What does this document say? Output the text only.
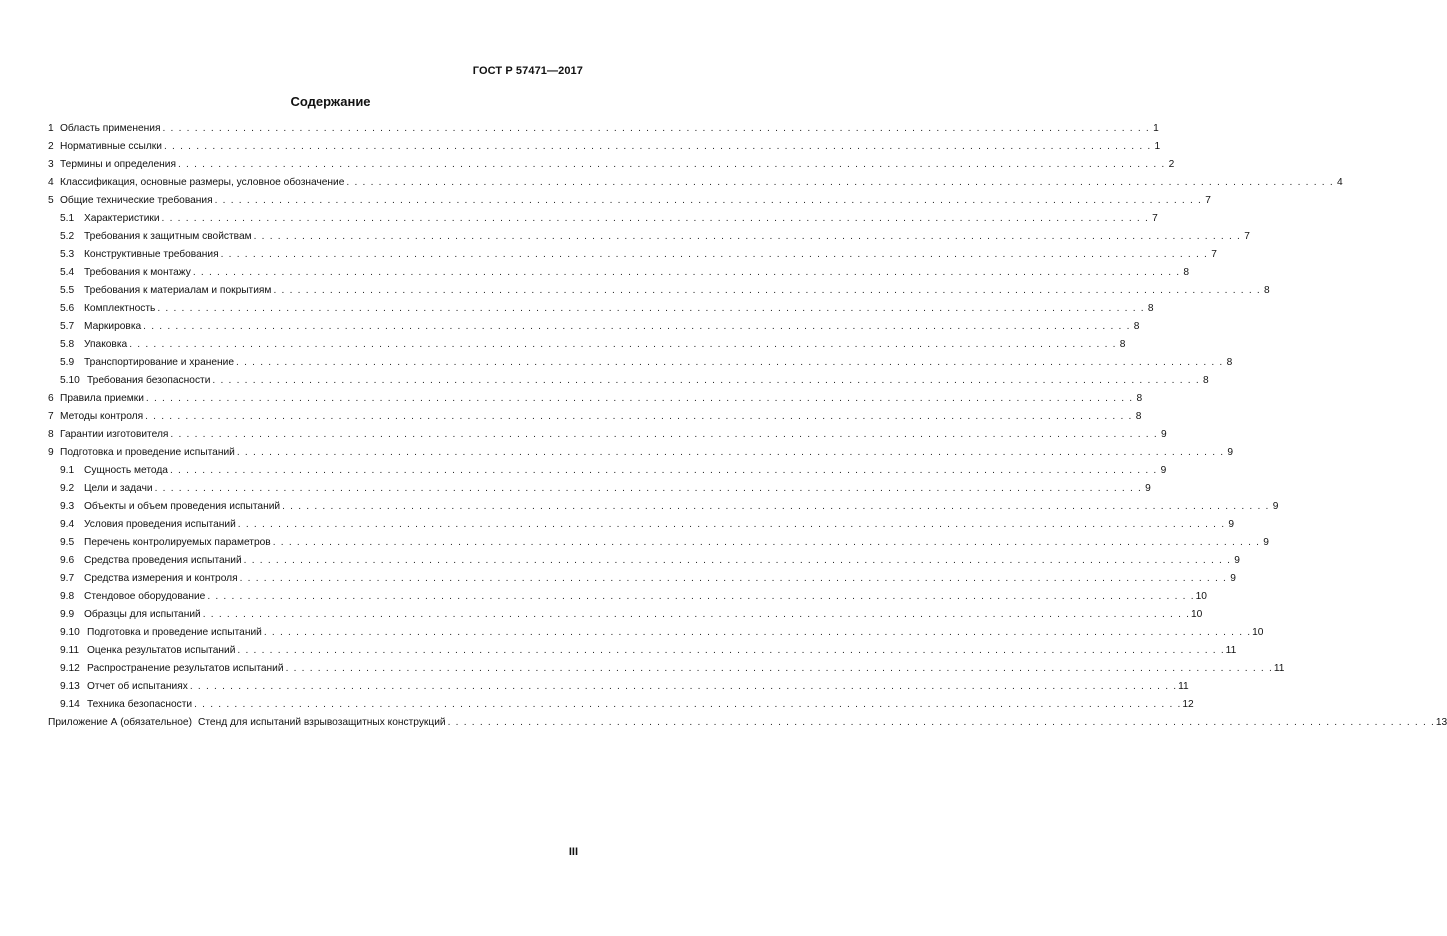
ГОСТ Р 57471—2017
Содержание
1 Область применения . . .	1
2 Нормативные ссылки . . .	1
3 Термины и определения . . .	2
4 Классификация, основные размеры, условное обозначение . . .	4
5 Общие технические требования . . .	7
5.1 Характеристики . . .	7
5.2 Требования к защитным свойствам . . .	7
5.3 Конструктивные требования . . .	7
5.4 Требования к монтажу . . .	8
5.5 Требования к материалам и покрытиям . . .	8
5.6 Комплектность . . .	8
5.7 Маркировка . . .	8
5.8 Упаковка . . .	8
5.9 Транспортирование и хранение . . .	8
5.10 Требования безопасности . . .	8
6 Правила приемки . . .	8
7 Методы контроля . . .	8
8 Гарантии изготовителя . . .	9
9 Подготовка и проведение испытаний . . .	9
9.1 Сущность метода . . .	9
9.2 Цели и задачи . . .	9
9.3 Объекты и объем проведения испытаний . . .	9
9.4 Условия проведения испытаний . . .	9
9.5 Перечень контролируемых параметров . . .	9
9.6 Средства проведения испытаний . . .	9
9.7 Средства измерения и контроля . . .	9
9.8 Стендовое оборудование . . .	10
9.9 Образцы для испытаний . . .	10
9.10 Подготовка и проведение испытаний . . .	10
9.11 Оценка результатов испытаний . . .	11
9.12 Распространение результатов испытаний . . .	11
9.13 Отчет об испытаниях . . .	11
9.14 Техника безопасности . . .	12
Приложение А (обязательное) Стенд для испытаний взрывозащитных конструкций . . .	13
III
